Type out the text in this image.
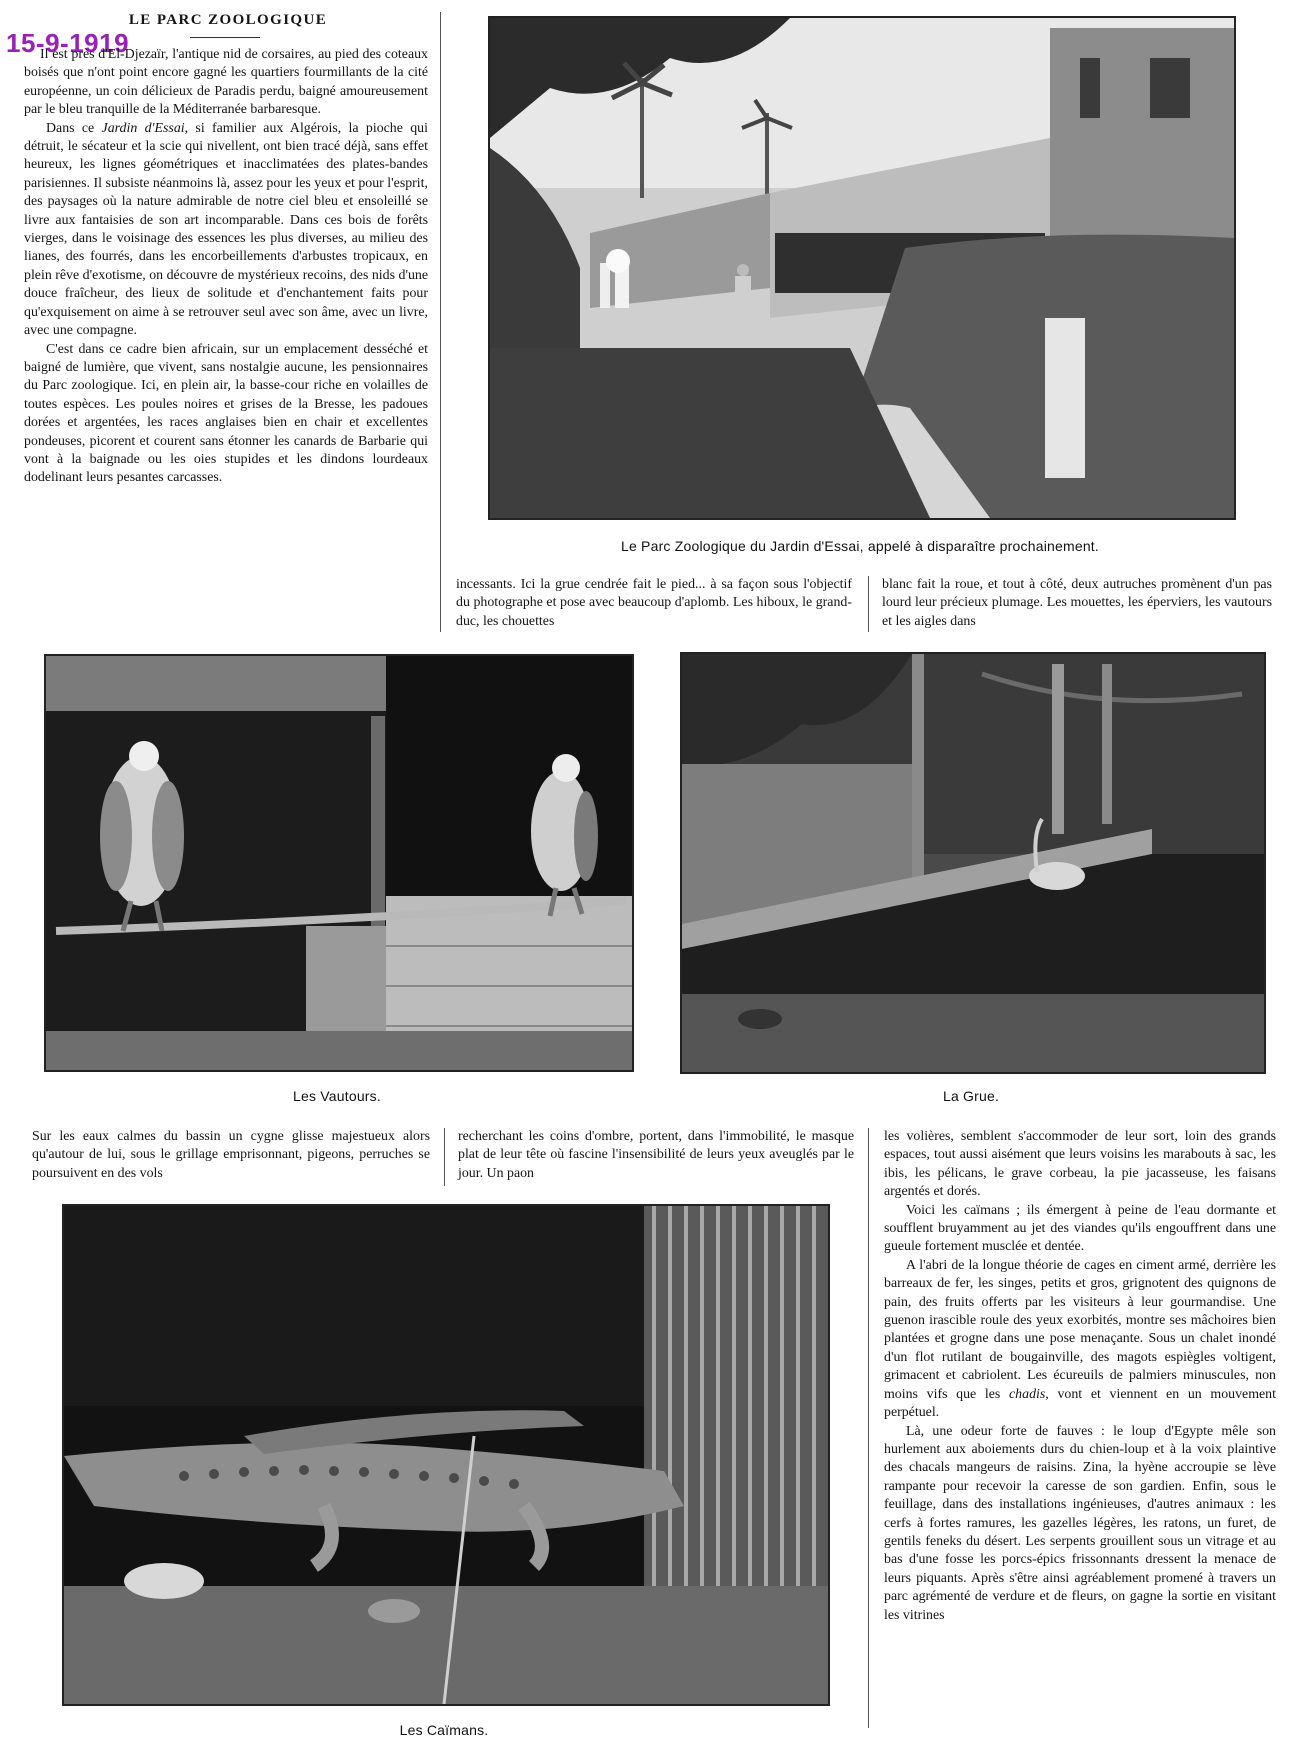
15-9-1919
LE PARC ZOOLOGIQUE

Il est près d'El-Djezaïr, l'antique nid de corsaires, au pied des coteaux boisés que n'ont point encore gagné les quartiers fourmillants de la cité européenne, un coin délicieux de Paradis perdu, baigné amoureusement par le bleu tranquille de la Méditerranée barbaresque.

Dans ce Jardin d'Essai, si familier aux Algérois, la pioche qui détruit, le sécateur et la scie qui nivellent, ont bien tracé déjà, sans effet heureux, les lignes géométriques et inacclimatées des plates-bandes parisiennes. Il subsiste néanmoins là, assez pour les yeux et pour l'esprit, des paysages où la nature admirable de notre ciel bleu et ensoleillé se livre aux fantaisies de son art incomparable. Dans ces bois de forêts vierges, dans le voisinage des essences les plus diverses, au milieu des lianes, des fourrés, dans les encorbeillements d'arbustes tropicaux, en plein rêve d'exotisme, on découvre de mystérieux recoins, des nids d'une douce fraîcheur, des lieux de solitude et d'enchantement faits pour qu'exquisement on aime à se retrouver seul avec son âme, avec un livre, avec une compagne.

C'est dans ce cadre bien africain, sur un emplacement desséché et baigné de lumière, que vivent, sans nostalgie aucune, les pensionnaires du Parc zoologique. Ici, en plein air, la basse-cour riche en volailles de toutes espèces. Les poules noires et grises de la Bresse, les padoues dorées et argentées, les races anglaises bien en chair et excellentes pondeuses, picorent et courent sans étonner les canards de Barbarie qui vont à la baignade ou les oies stupides et les dindons lourdeaux dodelinant leurs pesantes carcasses.

Le Parc Zoologique du Jardin d'Essai, appelé à disparaître prochainement.
incessants. Ici la grue cendrée fait le pied... à sa façon sous l'objectif du photographe et pose avec beaucoup d'aplomb. Les hiboux, le grand-duc, les chouettes
blanc fait la roue, et tout à côté, deux autruches promènent d'un pas lourd leur précieux plumage. Les mouettes, les éperviers, les vautours et les aigles dans
Les Vautours.	La Grue.
Sur les eaux calmes du bassin un cygne glisse majestueux alors qu'autour de lui, sous le grillage emprisonnant, pigeons, perruches se poursuivent en des vols
recherchant les coins d'ombre, portent, dans l'immobilité, le masque plat de leur tête où fascine l'insensibilité de leurs yeux aveuglés par le jour. Un paon

les volières, semblent s'accommoder de leur sort, loin des grands espaces, tout aussi aisément que leurs voisins les marabouts à sac, les ibis, les pélicans, le grave corbeau, la pie jacasseuse, les faisans argentés et dorés.

Voici les caïmans ; ils émergent à peine de l'eau dormante et soufflent bruyamment au jet des viandes qu'ils engouffrent dans une gueule fortement musclée et dentée.

A l'abri de la longue théorie de cages en ciment armé, derrière les barreaux de fer, les singes, petits et gros, grignotent des quignons de pain, des fruits offerts par les visiteurs à leur gourmandise. Une guenon irascible roule des yeux exorbités, montre ses mâchoires bien plantées et grogne dans une pose menaçante. Sous un chalet inondé d'un flot rutilant de bougainville, des magots espiègles voltigent, grimacent et cabriolent. Les écureuils de palmiers minuscules, non moins vifs que les chadis, vont et viennent en un mouvement perpétuel.

Là, une odeur forte de fauves : le loup d'Egypte mêle son hurlement aux aboiements durs du chien-loup et à la voix plaintive des chacals mangeurs de raisins. Zina, la hyène accroupie se lève rampante pour recevoir la caresse de son gardien. Enfin, sous le feuillage, dans des installations ingénieuses, d'autres animaux : les cerfs à fortes ramures, les gazelles légères, les ratons, un furet, de gentils feneks du désert. Les serpents grouillent sous un vitrage et au bas d'une fosse les porcs-épics frissonnants dressent la menace de leurs piquants. Après s'être ainsi agréablement promené à travers un parc agrémenté de verdure et de fleurs, on gagne la sortie en visitant les vitrines

Les Caïmans.
